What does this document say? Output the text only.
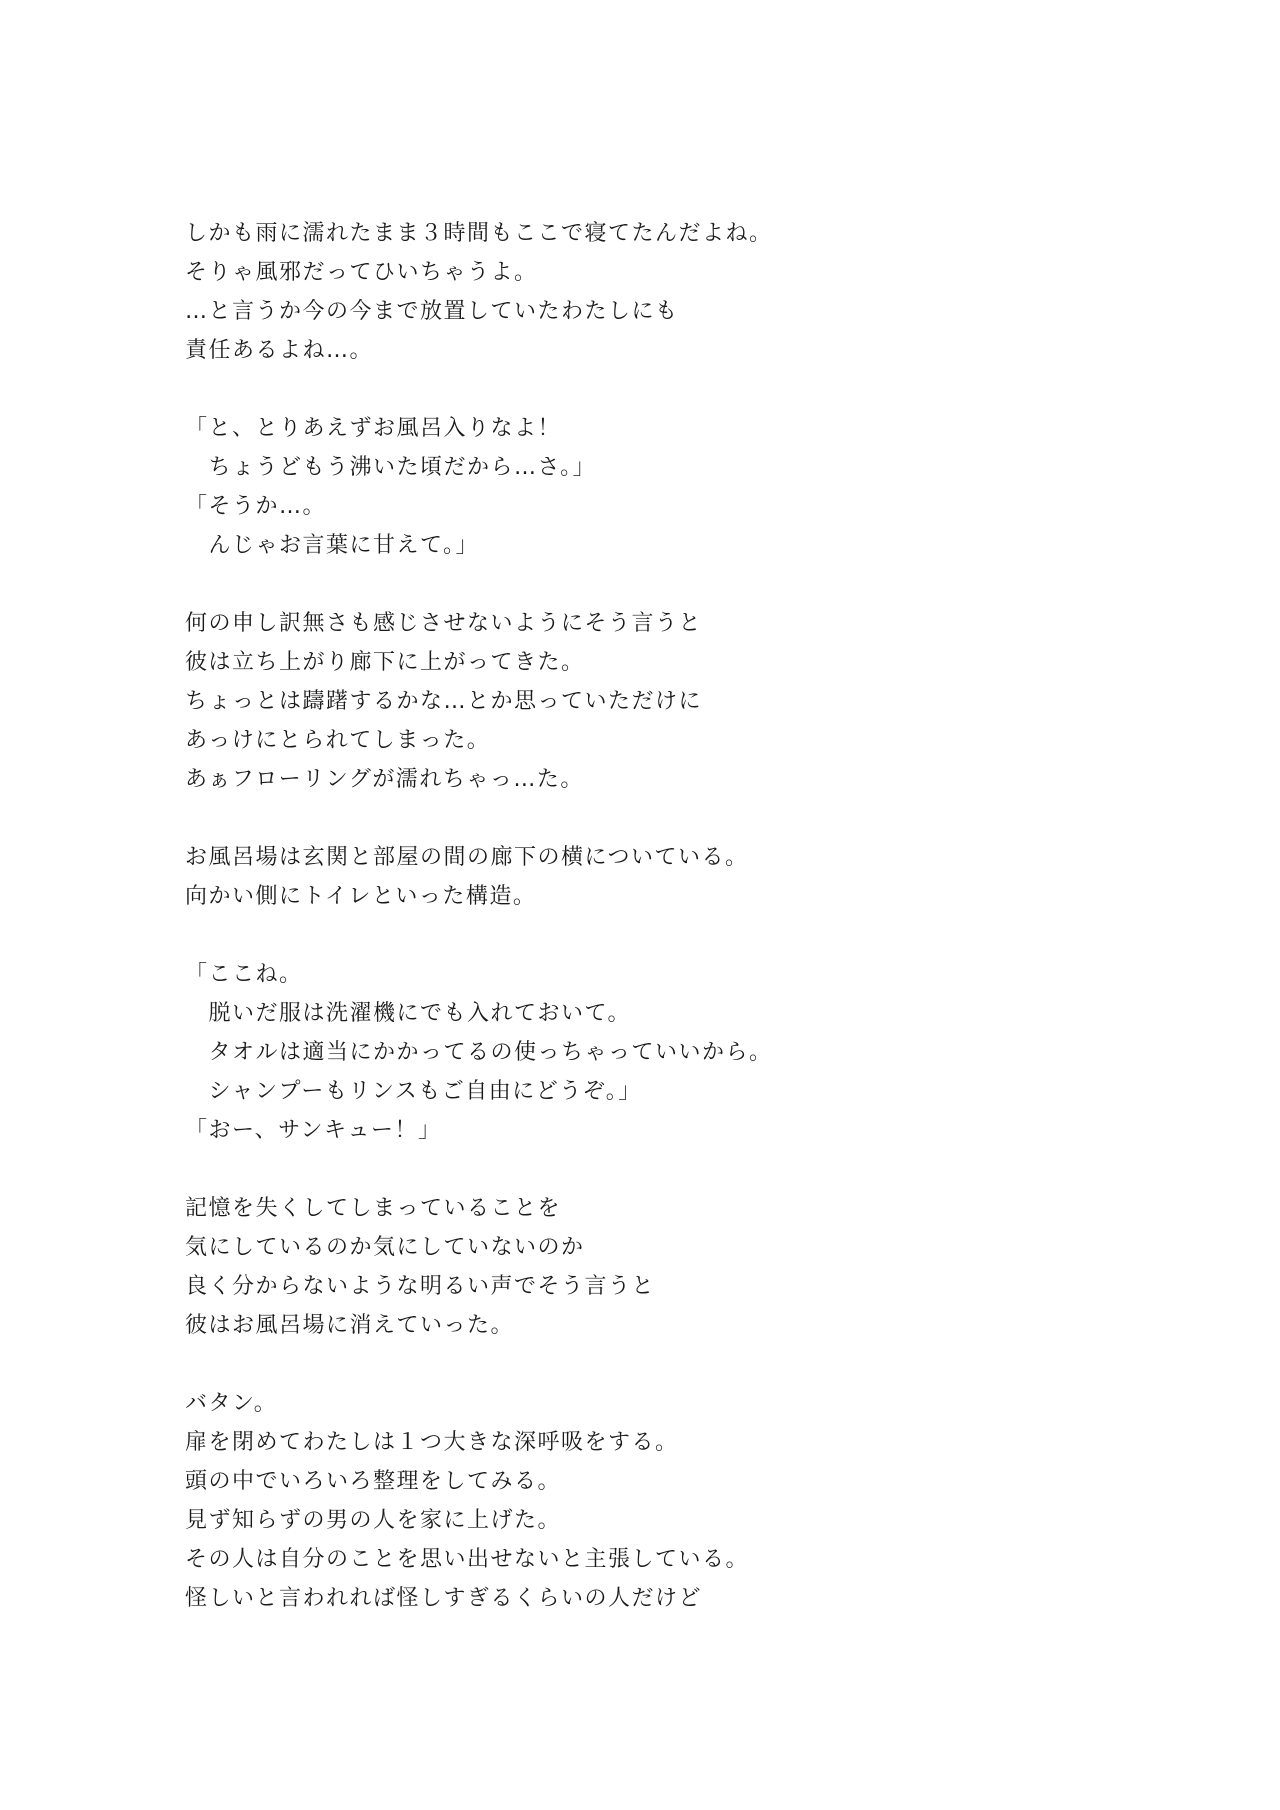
しかも雨に濡れたまま３時間もここで寝てたんだよね。
そりゃ風邪だってひいちゃうよ。
…と言うか今の今まで放置していたわたしにも
責任あるよね…。
「と、とりあえずお風呂入りなよ！
　ちょうどもう沸いた頃だから…さ。」
「そうか…。
　んじゃお言葉に甘えて。」
何の申し訳無さも感じさせないようにそう言うと
彼は立ち上がり廊下に上がってきた。
ちょっとは躊躇するかな…とか思っていただけに
あっけにとられてしまった。
あぁフローリングが濡れちゃっ…た。
お風呂場は玄関と部屋の間の廊下の横についている。
向かい側にトイレといった構造。
「ここね。
　脱いだ服は洗濯機にでも入れておいて。
　タオルは適当にかかってるの使っちゃっていいから。
　シャンプーもリンスもご自由にどうぞ。」
「おー、サンキュー！」
記憶を失くしてしまっていることを
気にしているのか気にしていないのか
良く分からないような明るい声でそう言うと
彼はお風呂場に消えていった。
バタン。
扉を閉めてわたしは１つ大きな深呼吸をする。
頭の中でいろいろ整理をしてみる。
見ず知らずの男の人を家に上げた。
その人は自分のことを思い出せないと主張している。
怪しいと言われれば怪しすぎるくらいの人だけど
